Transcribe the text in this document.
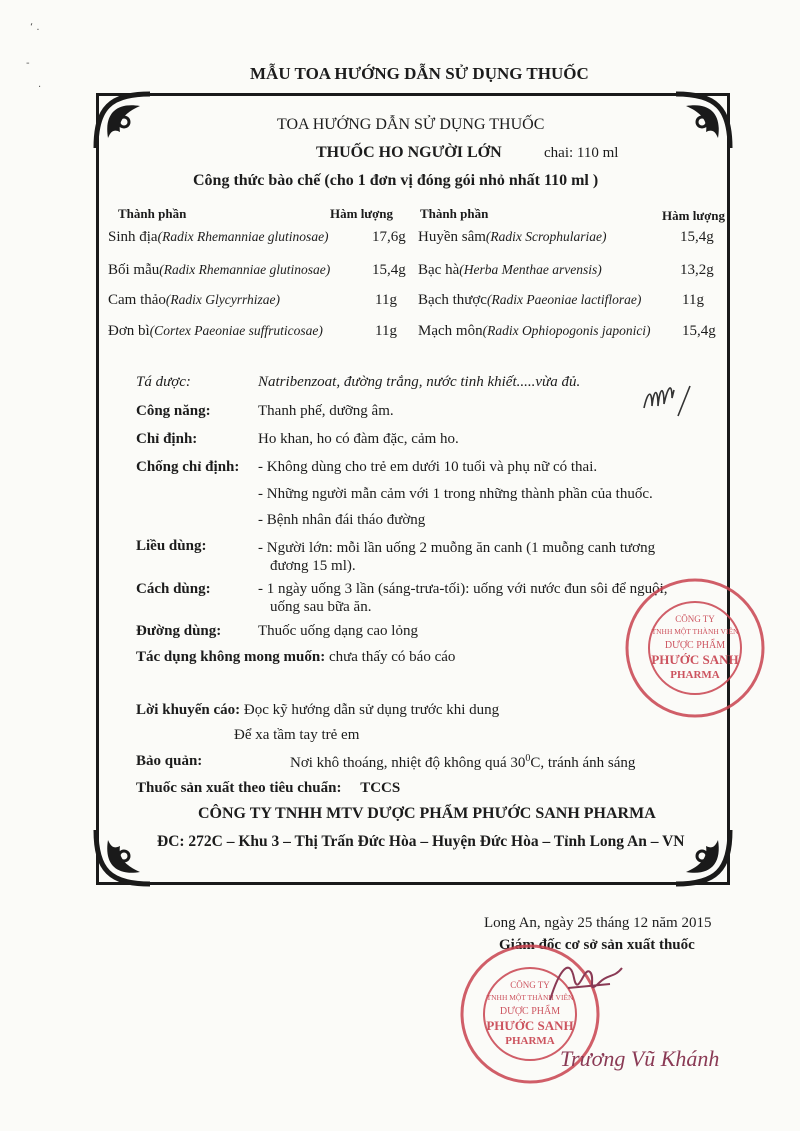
‘ .
-
·
MẪU TOA HƯỚNG DẪN SỬ DỤNG THUỐC
TOA HƯỚNG DẪN SỬ DỤNG THUỐC
THUỐC HO NGƯỜI LỚN	chai: 110 ml
Công thức bào chế (cho 1 đơn vị đóng gói nhỏ nhất 110 ml )
Thành phần	Hàm lượng Thành phần	Hàm lượng
Sinh địa(Radix Rhemanniae glutinosae)	17,6g Huyền sâm(Radix Scrophulariae)	15,4g
Bối mẫu(Radix Rhemanniae glutinosae)	15,4g Bạc hà(Herba Menthae arvensis)	13,2g
Cam thảo(Radix Glycyrrhizae)	11g Bạch thược(Radix Paeoniae lactiflorae)	11g
Đơn bì(Cortex Paeoniae suffruticosae)	11g Mạch môn(Radix Ophiopogonis japonici) 15,4g
Tá dược:	Natribenzoat, đường trắng, nước tinh khiết.....vừa đủ.
Công năng:	Thanh phế, dưỡng âm.
Chỉ định:	Ho khan, ho có đàm đặc, cảm ho.
Chống chỉ định: - Không dùng cho trẻ em dưới 10 tuổi và phụ nữ có thai.
- Những người mẫn cảm với 1 trong những thành phần của thuốc.
- Bệnh nhân đái tháo đường
Liều dùng:	- Người lớn: mỗi lần uống 2 muỗng ăn canh (1 muỗng canh tương
đương 15 ml).
Cách dùng:	- 1 ngày uống 3 lần (sáng-trưa-tối): uống với nước đun sôi để nguội,
uống sau bữa ăn.
Đường dùng: Thuốc uống dạng cao lỏng
Tác dụng không mong muốn: chưa thấy có báo cáo
Lời khuyến cáo: Đọc kỹ hướng dẫn sử dụng trước khi dung
Để xa tầm tay trẻ em
Bảo quản:	Nơi khô thoáng, nhiệt độ không quá $30^0C$, tránh ánh sáng
Thuốc sản xuất theo tiêu chuẩn: TCCS
CÔNG TY TNHH MTV DƯỢC PHẨM PHƯỚC SANH PHARMA
ĐC: 272C – Khu 3 – Thị Trấn Đức Hòa – Huyện Đức Hòa – Tỉnh Long An – VN
CÔNG TY
TNHH MỘT THÀNH VIÊN
DƯỢC PHẨM
PHƯỚC SANH
PHARMA
Long An, ngày 25 tháng 12 năm 2015
Giám đốc cơ sở sản xuất thuốc
CÔNG TY
TNHH MỘT THÀNH VIÊN
DƯỢC PHẨM
PHƯỚC SANH
PHARMA
Trương Vũ Khánh
